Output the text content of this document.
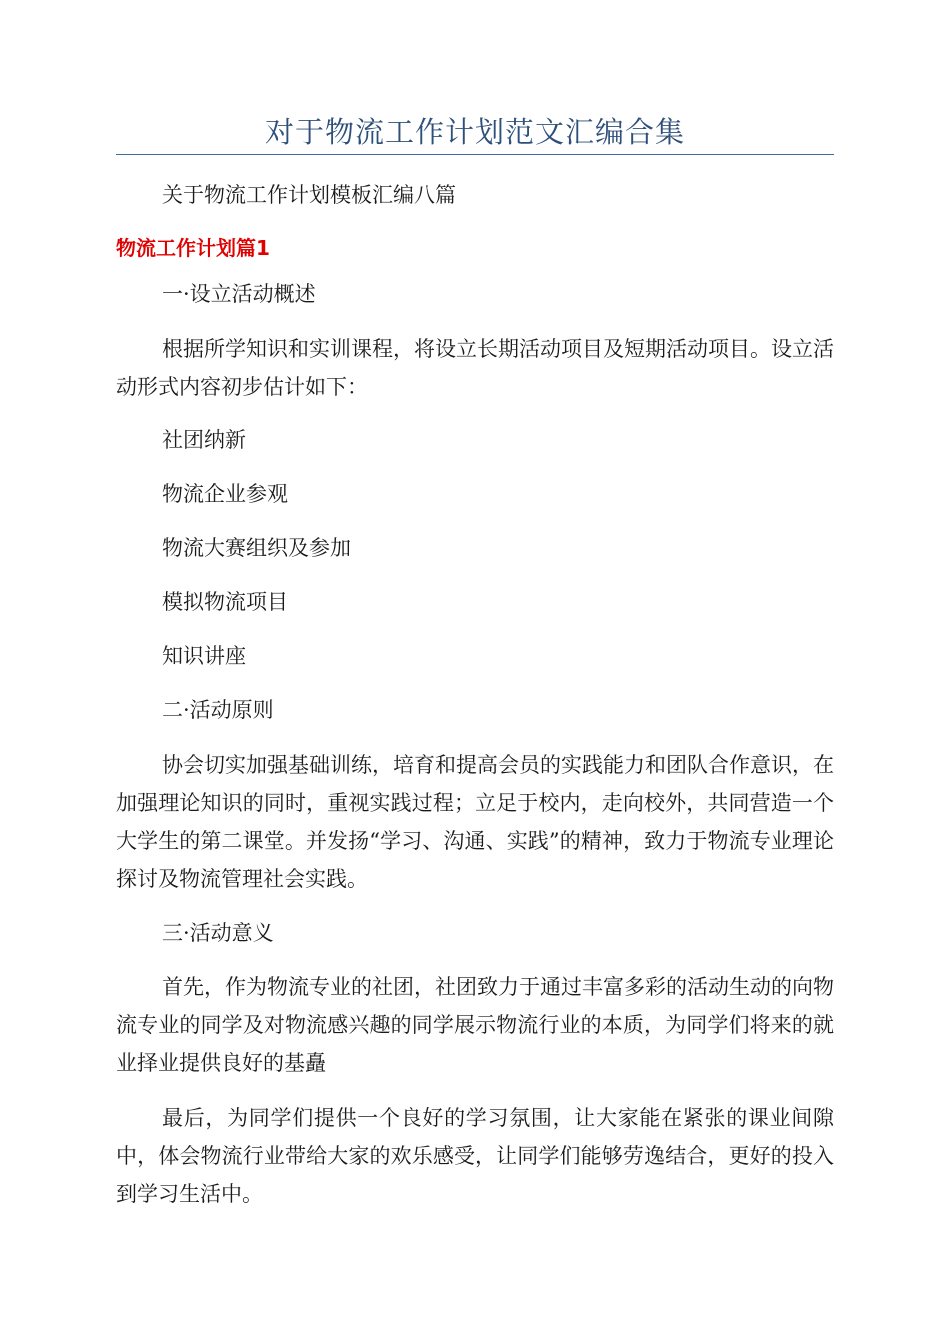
对于物流工作计划范文汇编合集

关于物流工作计划模板汇编八篇

物流工作计划篇1

一·设立活动概述

根据所学知识和实训课程，将设立长期活动项目及短期活动项目。设立活动形式内容初步估计如下：

社团纳新

物流企业参观

物流大赛组织及参加

模拟物流项目

知识讲座

二·活动原则

协会切实加强基础训练，培育和提高会员的实践能力和团队合作意识，在加强理论知识的同时，重视实践过程；立足于校内，走向校外，共同营造一个大学生的第二课堂。并发扬“学习、沟通、实践”的精神，致力于物流专业理论探讨及物流管理社会实践。

三·活动意义

首先，作为物流专业的社团，社团致力于通过丰富多彩的活动生动的向物流专业的同学及对物流感兴趣的同学展示物流行业的本质，为同学们将来的就业择业提供良好的基矗

最后，为同学们提供一个良好的学习氛围，让大家能在紧张的课业间隙中，体会物流行业带给大家的欢乐感受，让同学们能够劳逸结合，更好的投入到学习生活中。
